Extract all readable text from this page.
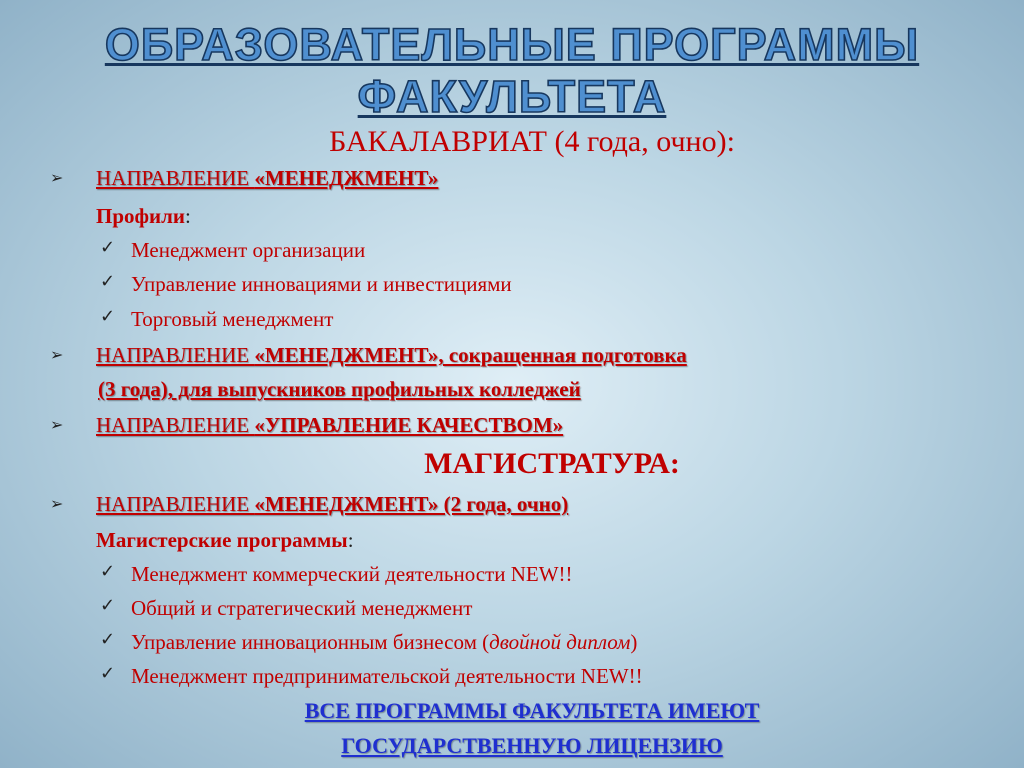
ОБРАЗОВАТЕЛЬНЫЕ ПРОГРАММЫ
ФАКУЛЬТЕТА
БАКАЛАВРИАТ (4 года, очно):
➢ НАПРАВЛЕНИЕ «МЕНЕДЖМЕНТ»
Профили:
✓ Менеджмент организации
✓ Управление инновациями и инвестициями
✓ Торговый менеджмент
➢ НАПРАВЛЕНИЕ «МЕНЕДЖМЕНТ», сокращенная подготовка
(3 года), для выпускников профильных колледжей
➢ НАПРАВЛЕНИЕ «УПРАВЛЕНИЕ КАЧЕСТВОМ»
МАГИСТРАТУРА:
➢ НАПРАВЛЕНИЕ «МЕНЕДЖМЕНТ» (2 года, очно)
Магистерские программы:
✓ Менеджмент коммерческий деятельности NEW!!
✓ Общий и стратегический менеджмент
✓ Управление инновационным бизнесом (двойной диплом)
✓ Менеджмент предпринимательской деятельности NEW!!
ВСЕ ПРОГРАММЫ ФАКУЛЬТЕТА ИМЕЮТ
ГОСУДАРСТВЕННУЮ ЛИЦЕНЗИЮ
